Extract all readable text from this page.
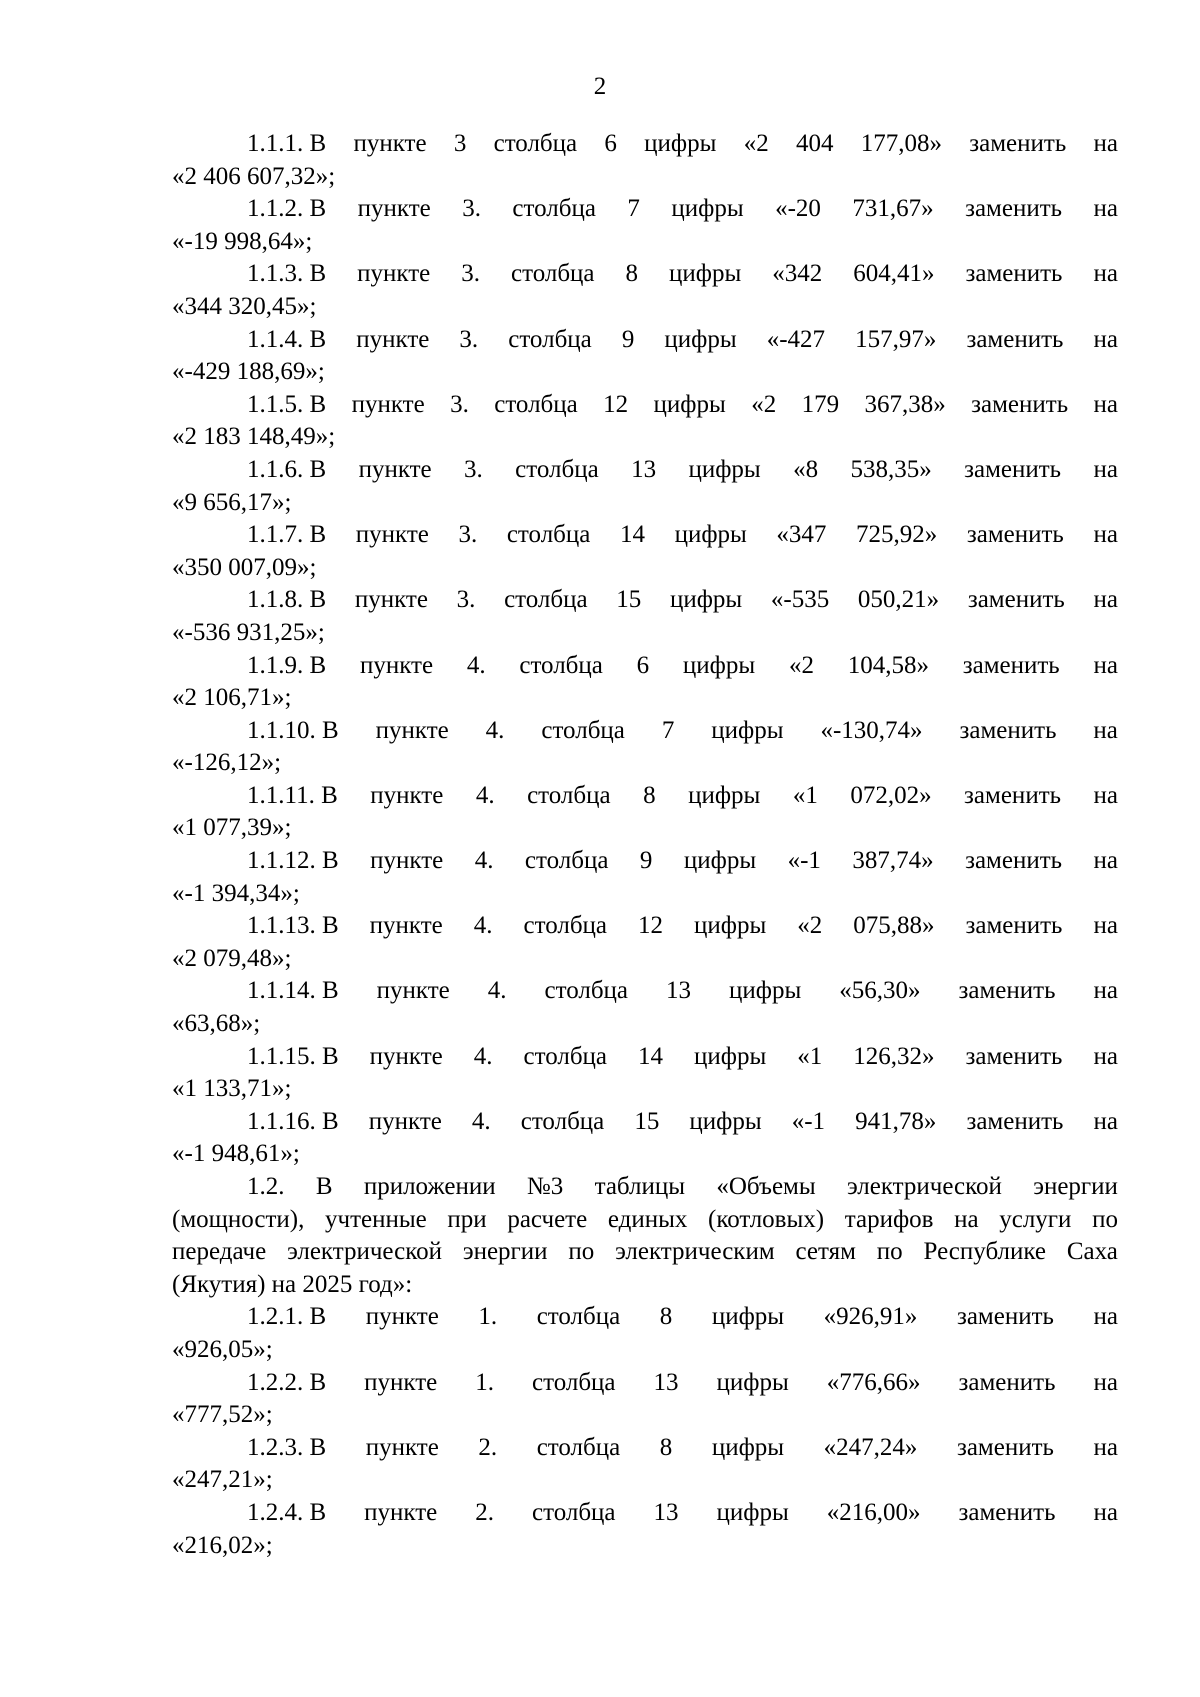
2
1.1.1. В пункте 3 столбца 6 цифры «2 404 177,08» заменить на
«2 406 607,32»;
1.1.2. В пункте 3. столбца 7 цифры «-20 731,67» заменить на
«-19 998,64»;
1.1.3. В пункте 3. столбца 8 цифры «342 604,41» заменить на
«344 320,45»;
1.1.4. В пункте 3. столбца 9 цифры «-427 157,97» заменить на
«-429 188,69»;
1.1.5. В пункте 3. столбца 12 цифры «2 179 367,38» заменить на
«2 183 148,49»;
1.1.6. В пункте 3. столбца 13 цифры «8 538,35» заменить на
«9 656,17»;
1.1.7. В пункте 3. столбца 14 цифры «347 725,92» заменить на
«350 007,09»;
1.1.8. В пункте 3. столбца 15 цифры «-535 050,21» заменить на
«-536 931,25»;
1.1.9. В пункте 4. столбца 6 цифры «2 104,58» заменить на
«2 106,71»;
1.1.10. В пункте 4. столбца 7 цифры «-130,74» заменить на
«-126,12»;
1.1.11. В пункте 4. столбца 8 цифры «1 072,02» заменить на
«1 077,39»;
1.1.12. В пункте 4. столбца 9 цифры «-1 387,74» заменить на
«-1 394,34»;
1.1.13. В пункте 4. столбца 12 цифры «2 075,88» заменить на
«2 079,48»;
1.1.14. В пункте 4. столбца 13 цифры «56,30» заменить на
«63,68»;
1.1.15. В пункте 4. столбца 14 цифры «1 126,32» заменить на
«1 133,71»;
1.1.16. В пункте 4. столбца 15 цифры «-1 941,78» заменить на
«-1 948,61»;
1.2. В приложении №3 таблицы «Объемы электрической энергии
(мощности), учтенные при расчете единых (котловых) тарифов на услуги по
передаче электрической энергии по электрическим сетям по Республике Саха
(Якутия) на 2025 год»:
1.2.1. В пункте 1. столбца 8 цифры «926,91» заменить на
«926,05»;
1.2.2. В пункте 1. столбца 13 цифры «776,66» заменить на
«777,52»;
1.2.3. В пункте 2. столбца 8 цифры «247,24» заменить на
«247,21»;
1.2.4. В пункте 2. столбца 13 цифры «216,00» заменить на
«216,02»;
